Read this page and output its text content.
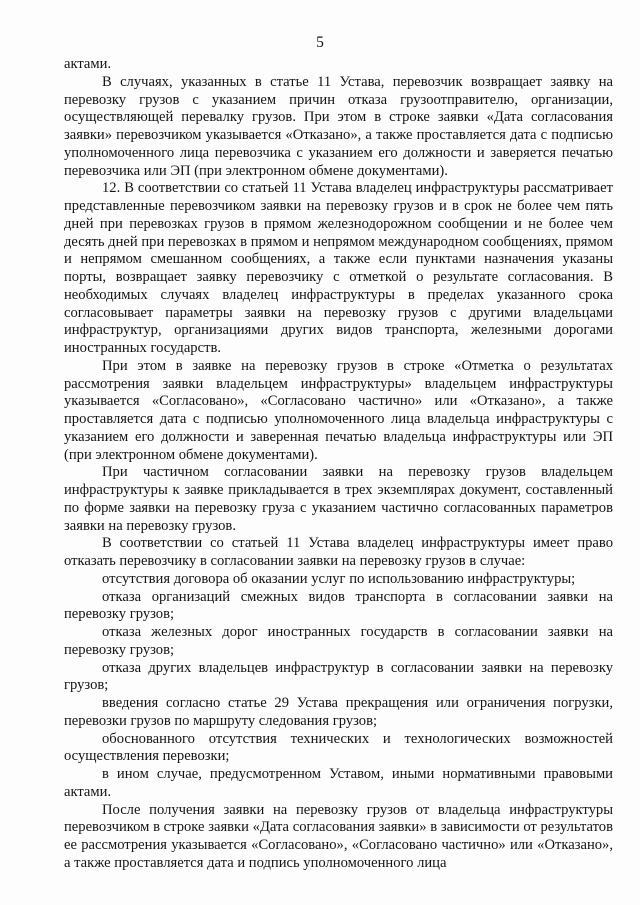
5

актами.

В случаях, указанных в статье 11 Устава, перевозчик возвращает заявку на перевозку грузов с указанием причин отказа грузоотправителю, организации, осуществляющей перевалку грузов. При этом в строке заявки «Дата согласования заявки» перевозчиком указывается «Отказано», а также проставляется дата с подписью уполномоченного лица перевозчика с указанием его должности и заверяется печатью перевозчика или ЭП (при электронном обмене документами).

12. В соответствии со статьей 11 Устава владелец инфраструктуры рассматривает представленные перевозчиком заявки на перевозку грузов и в срок не более чем пять дней при перевозках грузов в прямом железнодорожном сообщении и не более чем десять дней при перевозках в прямом и непрямом международном сообщениях, прямом и непрямом смешанном сообщениях, а также если пунктами назначения указаны порты, возвращает заявку перевозчику с отметкой о результате согласования. В необходимых случаях владелец инфраструктуры в пределах указанного срока согласовывает параметры заявки на перевозку грузов с другими владельцами инфраструктур, организациями других видов транспорта, железными дорогами иностранных государств.

При этом в заявке на перевозку грузов в строке «Отметка о результатах рассмотрения заявки владельцем инфраструктуры» владельцем инфраструктуры указывается «Согласовано», «Согласовано частично» или «Отказано», а также проставляется дата с подписью уполномоченного лица владельца инфраструктуры с указанием его должности и заверенная печатью владельца инфраструктуры или ЭП (при электронном обмене документами).

При частичном согласовании заявки на перевозку грузов владельцем инфраструктуры к заявке прикладывается в трех экземплярах документ, составленный по форме заявки на перевозку груза с указанием частично согласованных параметров заявки на перевозку грузов.

В соответствии со статьей 11 Устава владелец инфраструктуры имеет право отказать перевозчику в согласовании заявки на перевозку грузов в случае:

отсутствия договора об оказании услуг по использованию инфраструктуры;

отказа организаций смежных видов транспорта в согласовании заявки на перевозку грузов;

отказа железных дорог иностранных государств в согласовании заявки на перевозку грузов;

отказа других владельцев инфраструктур в согласовании заявки на перевозку грузов;

введения согласно статье 29 Устава прекращения или ограничения погрузки, перевозки грузов по маршруту следования грузов;

обоснованного отсутствия технических и технологических возможностей осуществления перевозки;

в ином случае, предусмотренном Уставом, иными нормативными правовыми актами.

После получения заявки на перевозку грузов от владельца инфраструктуры перевозчиком в строке заявки «Дата согласования заявки» в зависимости от результатов ее рассмотрения указывается «Согласовано», «Согласовано частично» или «Отказано», а также проставляется дата и подпись уполномоченного лица
